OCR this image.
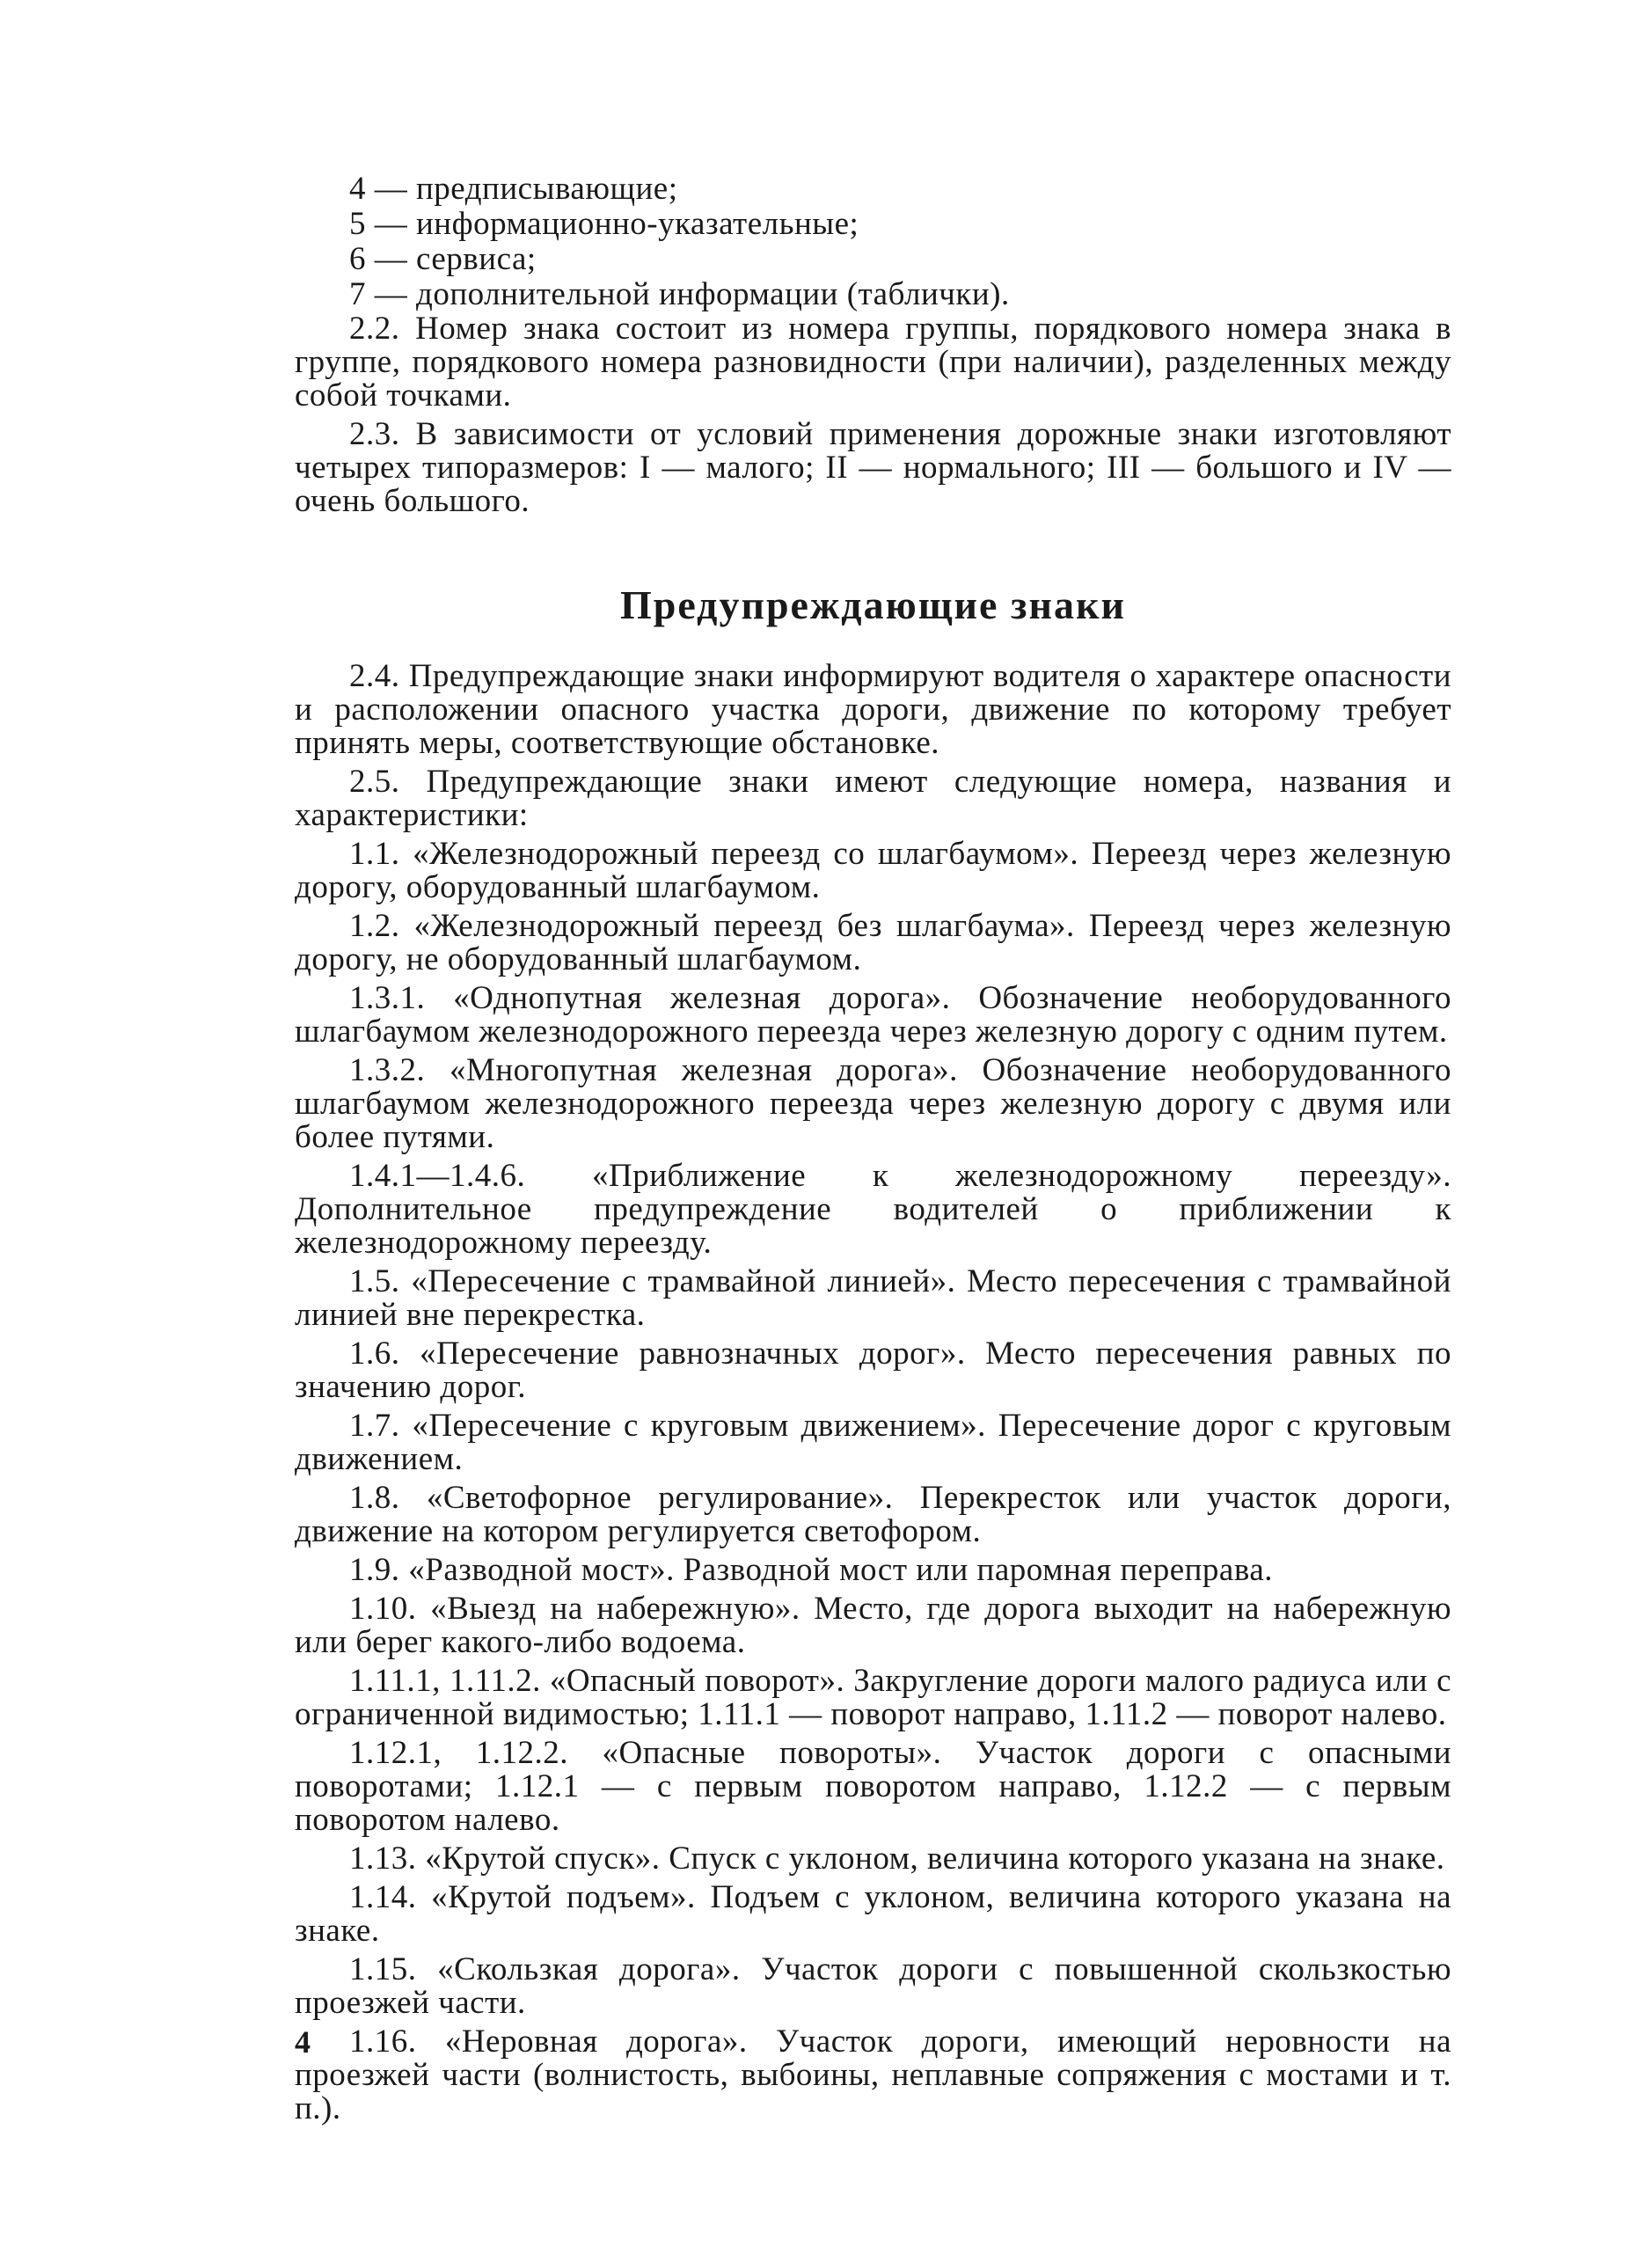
4 — предписывающие;
5 — информационно-указательные;
6 — сервиса;
7 — дополнительной информации (таблички).

2.2. Номер знака состоит из номера группы, порядкового номера знака в группе, порядкового номера разновидности (при наличии), разделенных между собой точками.

2.3. В зависимости от условий применения дорожные знаки изготовляют четырех типоразмеров: I — малого; II — нормального; III — большого и IV — очень большого.

Предупреждающие знаки

2.4. Предупреждающие знаки информируют водителя о характере опасности и расположении опасного участка дороги, движение по которому требует принять меры, соответствующие обстановке.

2.5. Предупреждающие знаки имеют следующие номера, названия и характеристики:

1.1. «Железнодорожный переезд со шлагбаумом». Переезд через железную дорогу, оборудованный шлагбаумом.

1.2. «Железнодорожный переезд без шлагбаума». Переезд через железную дорогу, не оборудованный шлагбаумом.

1.3.1. «Однопутная железная дорога». Обозначение необорудованного шлагбаумом железнодорожного переезда через железную дорогу с одним путем.

1.3.2. «Многопутная железная дорога». Обозначение необорудованного шлагбаумом железнодорожного переезда через железную дорогу с двумя или более путями.

1.4.1—1.4.6. «Приближение к железнодорожному переезду». Дополнительное предупреждение водителей о приближении к железнодорожному переезду.

1.5. «Пересечение с трамвайной линией». Место пересечения с трамвайной линией вне перекрестка.

1.6. «Пересечение равнозначных дорог». Место пересечения равных по значению дорог.

1.7. «Пересечение с круговым движением». Пересечение дорог с круговым движением.

1.8. «Светофорное регулирование». Перекресток или участок дороги, движение на котором регулируется светофором.

1.9. «Разводной мост». Разводной мост или паромная переправа.

1.10. «Выезд на набережную». Место, где дорога выходит на набережную или берег какого-либо водоема.

1.11.1, 1.11.2. «Опасный поворот». Закругление дороги малого радиуса или с ограниченной видимостью; 1.11.1 — поворот направо, 1.11.2 — поворот налево.

1.12.1, 1.12.2. «Опасные повороты». Участок дороги с опасными поворотами; 1.12.1 — с первым поворотом направо, 1.12.2 — с первым поворотом налево.

1.13. «Крутой спуск». Спуск с уклоном, величина которого указана на знаке.

1.14. «Крутой подъем». Подъем с уклоном, величина которого указана на знаке.

1.15. «Скользкая дорога». Участок дороги с повышенной скользкостью проезжей части.

1.16. «Неровная дорога». Участок дороги, имеющий неровности на проезжей части (волнистость, выбоины, неплавные сопряжения с мостами и т. п.).

4
